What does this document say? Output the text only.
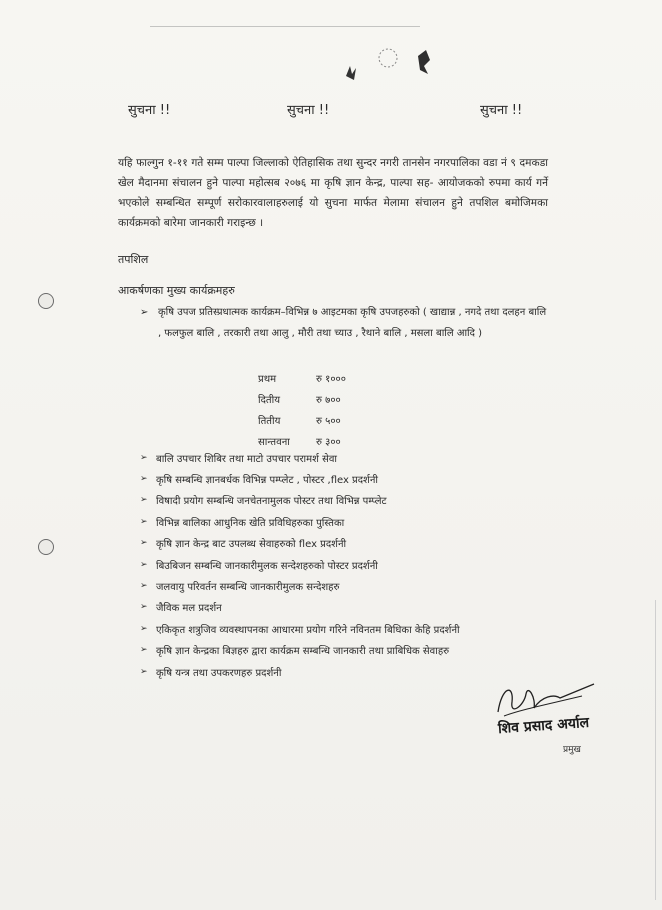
सुचना !!	सुचना !!	सुचना !!
यहि फाल्गुन १-११ गते सम्म पाल्पा जिल्लाको ऐतिहासिक तथा सुन्दर नगरी तानसेन नगरपालिका वडा नं ९ दमकडा खेल मैदानमा संचालन हुने पाल्पा महोत्सब २०७६ मा कृषि ज्ञान केन्द्र, पाल्पा सह- आयोजकको रुपमा कार्य गर्ने भएकोले सम्बन्धित सम्पूर्ण सरोकारवालाहरुलाई यो सुचना मार्फत मेलामा संचालन हुने तपशिल बमोजिमका कार्यक्रमको बारेमा जानकारी गराइन्छ ।
तपशिल
आकर्षणका मुख्य कार्यक्रमहरु
➢ कृषि उपज प्रतिस्प्रधात्मक कार्यक्रम–विभिन्न ७ आइटमका कृषि उपजहरुको ( खाद्यान्न , नगदे तथा दलहन बालि , फलफुल बालि , तरकारी तथा आलु , मौरी तथा च्याउ , रैथाने बालि , मसला बालि आदि )
प्रथम	रु १०००
दितीय	रु ७००
तितीय	रु ५००
सान्तवना	रु ३००
➢ बालि उपचार शिबिर तथा माटो उपचार परामर्श सेवा
➢ कृषि सम्बन्धि ज्ञानबर्धक विभिन्न पम्प्लेट , पोस्टर ,flex प्रदर्शनी
➢ विषादी प्रयोग सम्बन्धि जनचेतनामुलक पोस्टर तथा विभिन्न पम्प्लेट
➢ विभिन्न बालिका आधुनिक खेति प्रविधिहरुका पुस्तिका
➢ कृषि ज्ञान केन्द्र बाट उपलब्ध सेवाहरुको flex प्रदर्शनी
➢ बिउबिजन सम्बन्धि जानकारीमुलक सन्देशहरुको पोस्टर प्रदर्शनी
➢ जलवायु परिवर्तन सम्बन्धि जानकारीमुलक सन्देशहरु
➢ जैविक मल प्रदर्शन
➢ एकिकृत शत्रुजिव व्यवस्थापनका आधारमा प्रयोग गरिने नविनतम बिधिका केहि प्रदर्शनी
➢ कृषि ज्ञान केन्द्रका बिज्ञहरु द्वारा कार्यक्रम सम्बन्धि जानकारी तथा प्राबिधिक सेवाहरु
➢ कृषि यन्त्र तथा उपकरणहरु प्रदर्शनी
शिव प्रसाद अर्याल
प्रमुख
